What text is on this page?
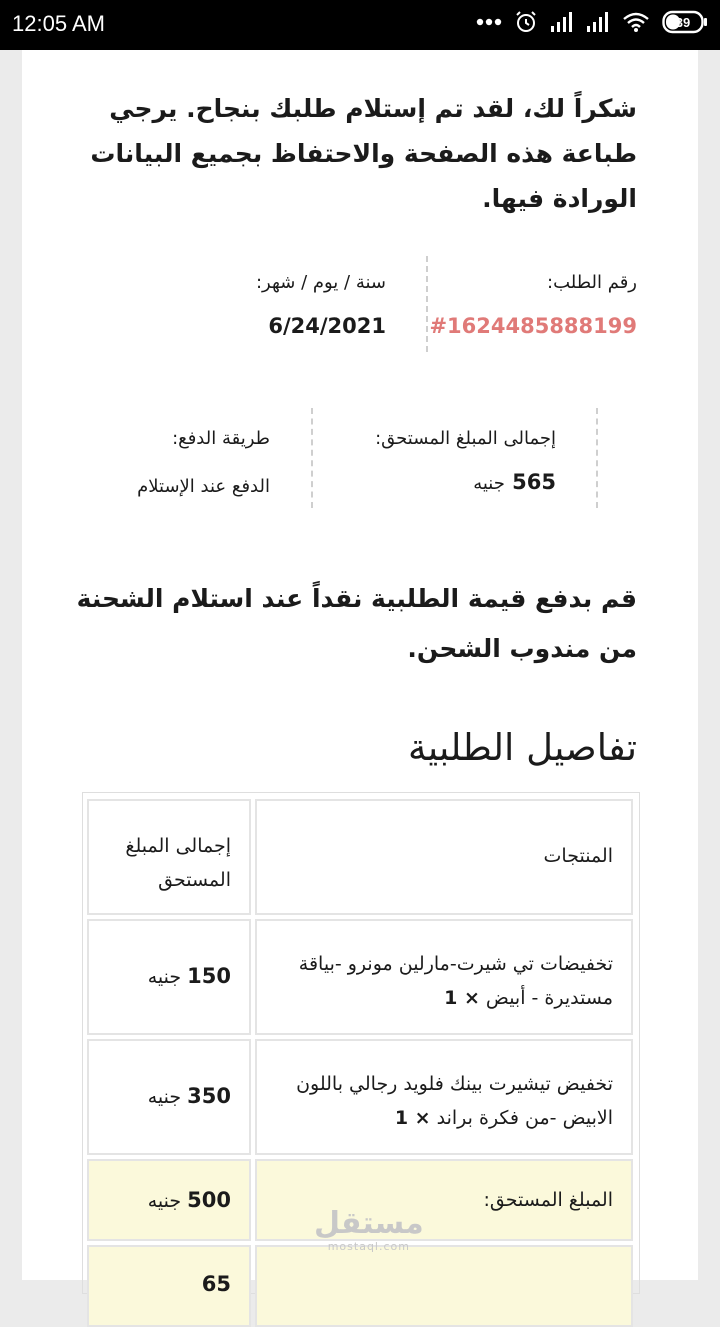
12:05 AM	39
شكراً لك، لقد تم إستلام طلبك بنجاح. يرجي طباعة هذه الصفحة والاحتفاظ بجميع البيانات الورادة فيها.
رقم الطلب:
#1624485888199
سنة / يوم / شهر:
6/24/2021
إجمالى المبلغ المستحق:
565 جنيه
طريقة الدفع:
الدفع عند الإستلام
قم بدفع قيمة الطلبية نقداً عند استلام الشحنة من مندوب الشحن.
تفاصيل الطلبية
المنتجات
إجمالى المبلغ المستحق
تخفيضات تي شيرت-مارلين مونرو -بياقة مستديرة - أبيض × 1
150 جنيه
تخفيض تيشيرت بينك فلويد رجالي باللون الابيض -من فكرة براند × 1
350 جنيه
المبلغ المستحق:
500 جنيه
65
مستقل
mostaql.com
